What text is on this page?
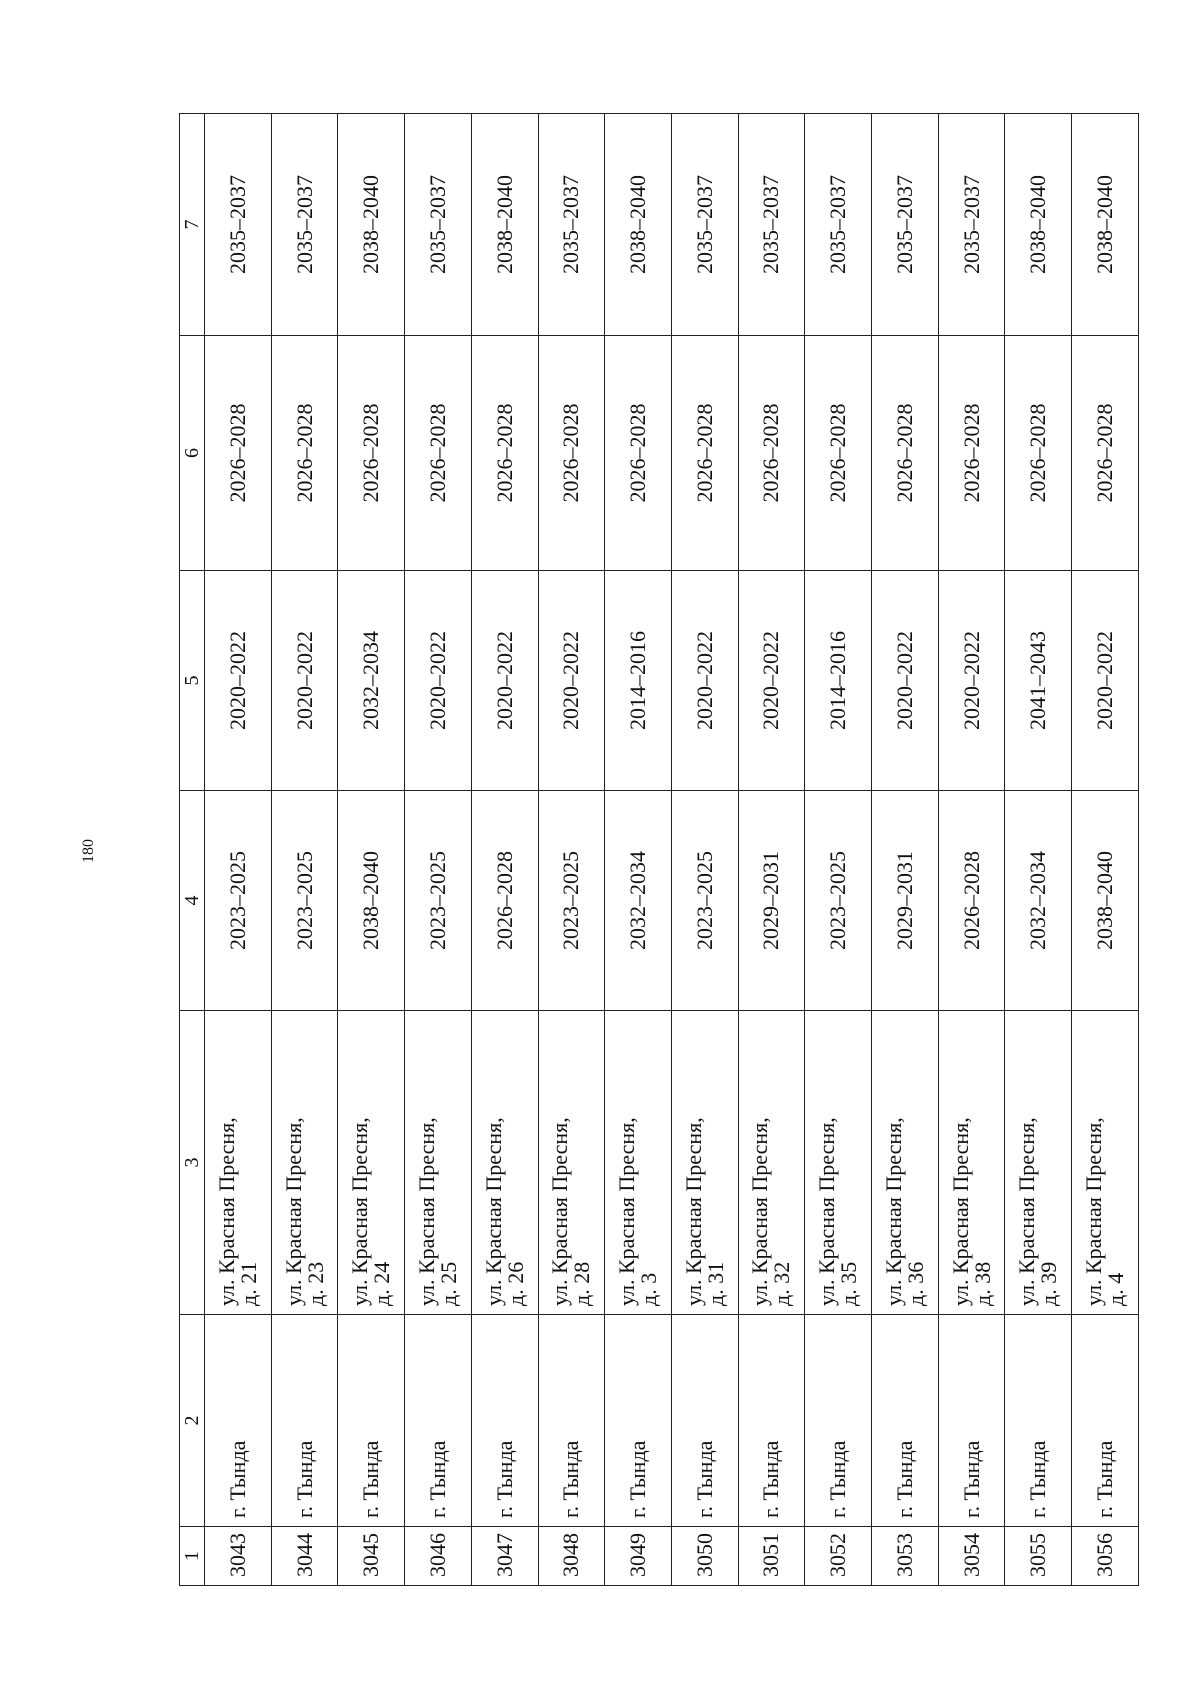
180
1	2	3	4	5	6	7
3043	г. Тында	ул. Красная Пресня,
д. 21	2023–2025	2020–2022	2026–2028	2035–2037
3044	г. Тында	ул. Красная Пресня,
д. 23	2023–2025	2020–2022	2026–2028	2035–2037
3045	г. Тында	ул. Красная Пресня,
д. 24	2038–2040	2032–2034	2026–2028	2038–2040
3046	г. Тында	ул. Красная Пресня,
д. 25	2023–2025	2020–2022	2026–2028	2035–2037
3047	г. Тында	ул. Красная Пресня,
д. 26	2026–2028	2020–2022	2026–2028	2038–2040
3048	г. Тында	ул. Красная Пресня,
д. 28	2023–2025	2020–2022	2026–2028	2035–2037
3049	г. Тында	ул. Красная Пресня,
д. 3	2032–2034	2014–2016	2026–2028	2038–2040
3050	г. Тында	ул. Красная Пресня,
д. 31	2023–2025	2020–2022	2026–2028	2035–2037
3051	г. Тында	ул. Красная Пресня,
д. 32	2029–2031	2020–2022	2026–2028	2035–2037
3052	г. Тында	ул. Красная Пресня,
д. 35	2023–2025	2014–2016	2026–2028	2035–2037
3053	г. Тында	ул. Красная Пресня,
д. 36	2029–2031	2020–2022	2026–2028	2035–2037
3054	г. Тында	ул. Красная Пресня,
д. 38	2026–2028	2020–2022	2026–2028	2035–2037
3055	г. Тында	ул. Красная Пресня,
д. 39	2032–2034	2041–2043	2026–2028	2038–2040
3056	г. Тында	ул. Красная Пресня,
д. 4	2038–2040	2020–2022	2026–2028	2038–2040
